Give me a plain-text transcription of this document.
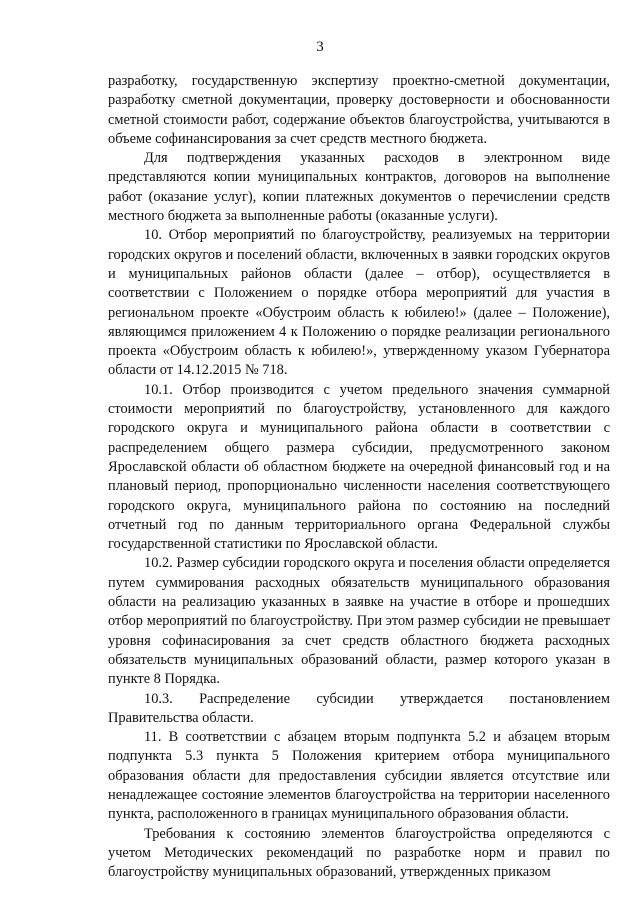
3

разработку, государственную экспертизу проектно-сметной документации, разработку сметной документации, проверку достоверности и обоснованности сметной стоимости работ, содержание объектов благоустройства, учитываются в объеме софинансирования за счет средств местного бюджета.

Для подтверждения указанных расходов в электронном виде представляются копии муниципальных контрактов, договоров на выполнение работ (оказание услуг), копии платежных документов о перечислении средств местного бюджета за выполненные работы (оказанные услуги).

10. Отбор мероприятий по благоустройству, реализуемых на территории городских округов и поселений области, включенных в заявки городских округов и муниципальных районов области (далее – отбор), осуществляется в соответствии с Положением о порядке отбора мероприятий для участия в региональном проекте «Обустроим область к юбилею!» (далее – Положение), являющимся приложением 4 к Положению о порядке реализации регионального проекта «Обустроим область к юбилею!», утвержденному указом Губернатора области от 14.12.2015 № 718.

10.1. Отбор производится с учетом предельного значения суммарной стоимости мероприятий по благоустройству, установленного для каждого городского округа и муниципального района области в соответствии с распределением общего размера субсидии, предусмотренного законом Ярославской области об областном бюджете на очередной финансовый год и на плановый период, пропорционально численности населения соответствующего городского округа, муниципального района по состоянию на последний отчетный год по данным территориального органа Федеральной службы государственной статистики по Ярославской области.

10.2. Размер субсидии городского округа и поселения области определяется путем суммирования расходных обязательств муниципального образования области на реализацию указанных в заявке на участие в отборе и прошедших отбор мероприятий по благоустройству. При этом размер субсидии не превышает уровня софинасирования за счет средств областного бюджета расходных обязательств муниципальных образований области, размер которого указан в пункте 8 Порядка.

10.3. Распределение субсидии утверждается постановлением Правительства области.

11. В соответствии с абзацем вторым подпункта 5.2 и абзацем вторым подпункта 5.3 пункта 5 Положения критерием отбора муниципального образования области для предоставления субсидии является отсутствие или ненадлежащее состояние элементов благоустройства на территории населенного пункта, расположенного в границах муниципального образования области.

Требования к состоянию элементов благоустройства определяются с учетом Методических рекомендаций по разработке норм и правил по благоустройству муниципальных образований, утвержденных приказом
